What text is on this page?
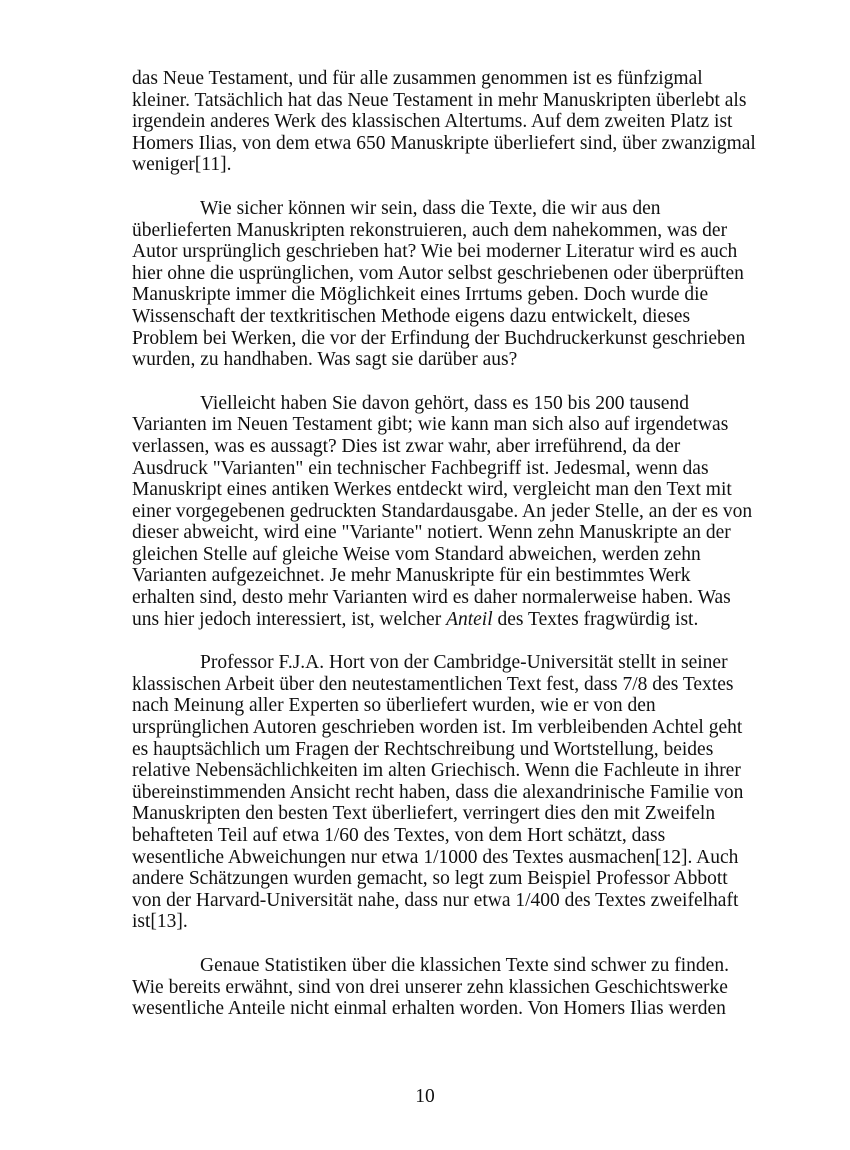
das Neue Testament, und für alle zusammen genommen ist es fünfzigmal
kleiner. Tatsächlich hat das Neue Testament in mehr Manuskripten überlebt als
irgendein anderes Werk des klassischen Altertums. Auf dem zweiten Platz ist
Homers Ilias, von dem etwa 650 Manuskripte überliefert sind, über zwanzigmal
weniger[11].

Wie sicher können wir sein, dass die Texte, die wir aus den
überlieferten Manuskripten rekonstruieren, auch dem nahekommen, was der
Autor ursprünglich geschrieben hat? Wie bei moderner Literatur wird es auch
hier ohne die usprünglichen, vom Autor selbst geschriebenen oder überprüften
Manuskripte immer die Möglichkeit eines Irrtums geben. Doch wurde die
Wissenschaft der textkritischen Methode eigens dazu entwickelt, dieses
Problem bei Werken, die vor der Erfindung der Buchdruckerkunst geschrieben
wurden, zu handhaben. Was sagt sie darüber aus?

Vielleicht haben Sie davon gehört, dass es 150 bis 200 tausend
Varianten im Neuen Testament gibt; wie kann man sich also auf irgendetwas
verlassen, was es aussagt? Dies ist zwar wahr, aber irreführend, da der
Ausdruck "Varianten" ein technischer Fachbegriff ist. Jedesmal, wenn das
Manuskript eines antiken Werkes entdeckt wird, vergleicht man den Text mit
einer vorgegebenen gedruckten Standardausgabe. An jeder Stelle, an der es von
dieser abweicht, wird eine "Variante" notiert. Wenn zehn Manuskripte an der
gleichen Stelle auf gleiche Weise vom Standard abweichen, werden zehn
Varianten aufgezeichnet. Je mehr Manuskripte für ein bestimmtes Werk
erhalten sind, desto mehr Varianten wird es daher normalerweise haben. Was
uns hier jedoch interessiert, ist, welcher Anteil des Textes fragwürdig ist.

Professor F.J.A. Hort von der Cambridge-Universität stellt in seiner
klassischen Arbeit über den neutestamentlichen Text fest, dass 7/8 des Textes
nach Meinung aller Experten so überliefert wurden, wie er von den
ursprünglichen Autoren geschrieben worden ist. Im verbleibenden Achtel geht
es hauptsächlich um Fragen der Rechtschreibung und Wortstellung, beides
relative Nebensächlichkeiten im alten Griechisch. Wenn die Fachleute in ihrer
übereinstimmenden Ansicht recht haben, dass die alexandrinische Familie von
Manuskripten den besten Text überliefert, verringert dies den mit Zweifeln
behafteten Teil auf etwa 1/60 des Textes, von dem Hort schätzt, dass
wesentliche Abweichungen nur etwa 1/1000 des Textes ausmachen[12]. Auch
andere Schätzungen wurden gemacht, so legt zum Beispiel Professor Abbott
von der Harvard-Universität nahe, dass nur etwa 1/400 des Textes zweifelhaft
ist[13].

Genaue Statistiken über die klassichen Texte sind schwer zu finden.
Wie bereits erwähnt, sind von drei unserer zehn klassichen Geschichtswerke
wesentliche Anteile nicht einmal erhalten worden. Von Homers Ilias werden

10
